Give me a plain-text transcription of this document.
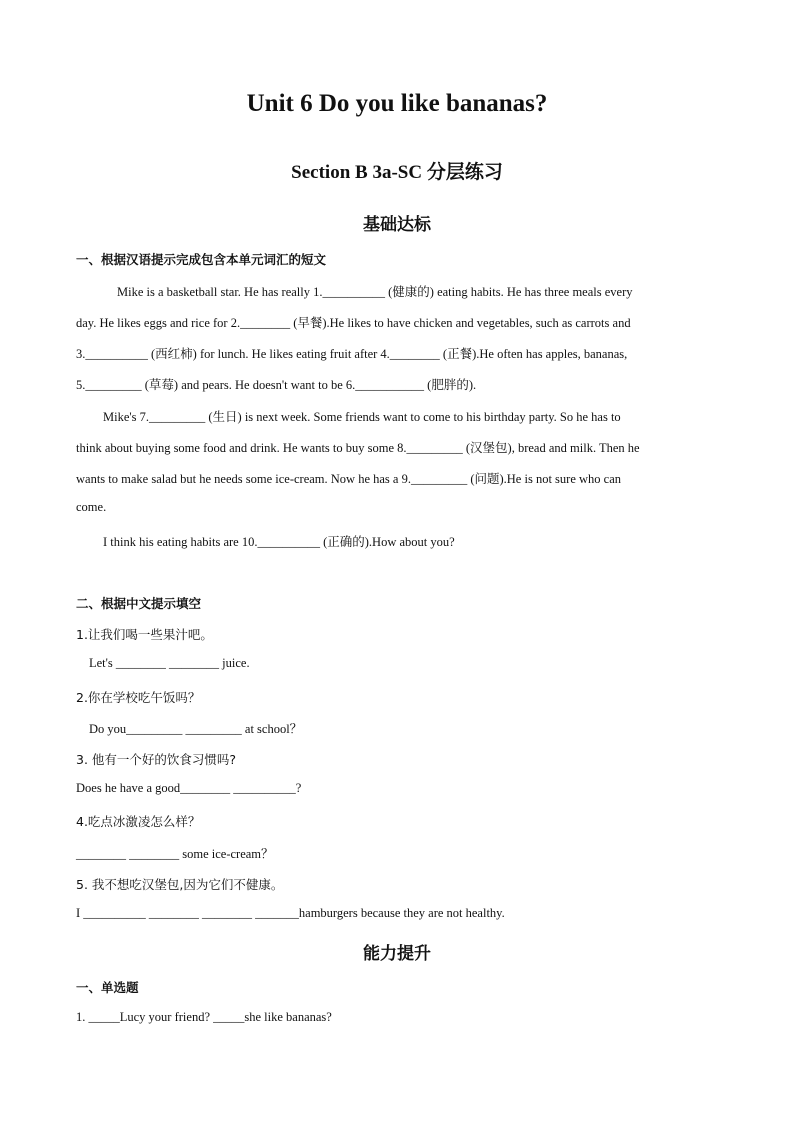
Unit 6 Do you like bananas?
Section B 3a-SC 分层练习
基础达标
一、根据汉语提示完成包含本单元词汇的短文
Mike is a basketball star. He has really 1.__________ (健康的) eating habits. He has three meals every
day. He likes eggs and rice for 2.________ (早餐).He likes to have chicken and vegetables, such as carrots and
3.__________ (西红柿) for lunch. He likes eating fruit after 4.________ (正餐).He often has apples, bananas,
5._________ (草莓) and pears. He doesn't want to be 6.___________ (肥胖的).
Mike's 7._________ (生日) is next week. Some friends want to come to his birthday party. So he has to
think about buying some food and drink. He wants to buy some 8._________ (汉堡包), bread and milk. Then he
wants to make salad but he needs some ice-cream. Now he has a 9._________ (问题).He is not sure who can
come.
I think his eating habits are 10.__________ (正确的).How about you?
二、根据中文提示填空
1.让我们喝一些果汁吧。
Let's ________ ________ juice.
2.你在学校吃午饭吗？
Do you_________ _________ at school？
3. 他有一个好的饮食习惯吗?
Does he have a good________ __________?
4.吃点冰激凌怎么样？
________ ________ some ice-cream？
5. 我不想吃汉堡包,因为它们不健康。
I __________ ________ ________ _______hamburgers because they are not healthy.
能力提升
一、单选题
1. _____Lucy your friend? _____she like bananas?
